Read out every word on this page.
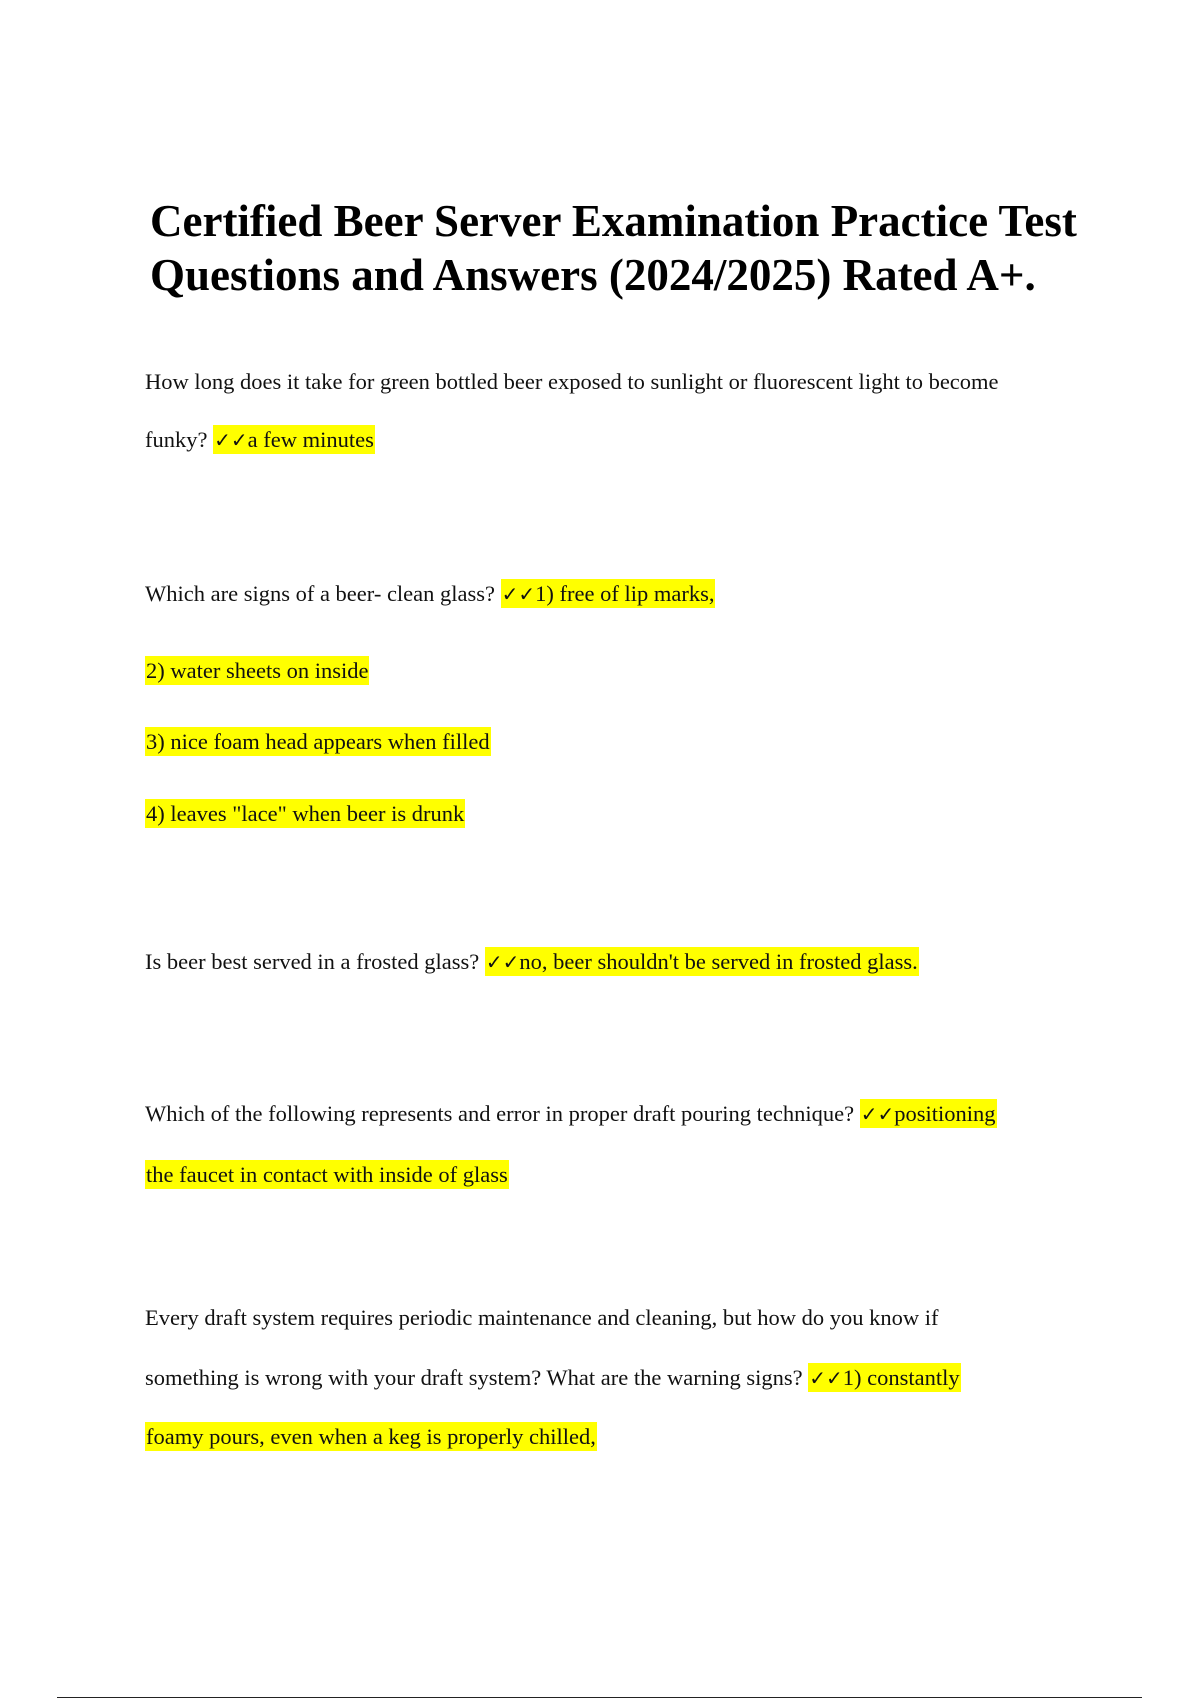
Certified Beer Server Examination Practice Test
Questions and Answers (2024/2025) Rated A+.
How long does it take for green bottled beer exposed to sunlight or fluorescent light to become
funky? ✓✓a few minutes
Which are signs of a beer- clean glass? ✓✓1) free of lip marks,
2) water sheets on inside
3) nice foam head appears when filled
4) leaves "lace" when beer is drunk
Is beer best served in a frosted glass? ✓✓no, beer shouldn't be served in frosted glass.
Which of the following represents and error in proper draft pouring technique? ✓✓positioning
the faucet in contact with inside of glass
Every draft system requires periodic maintenance and cleaning, but how do you know if
something is wrong with your draft system? What are the warning signs? ✓✓1) constantly
foamy pours, even when a keg is properly chilled,
